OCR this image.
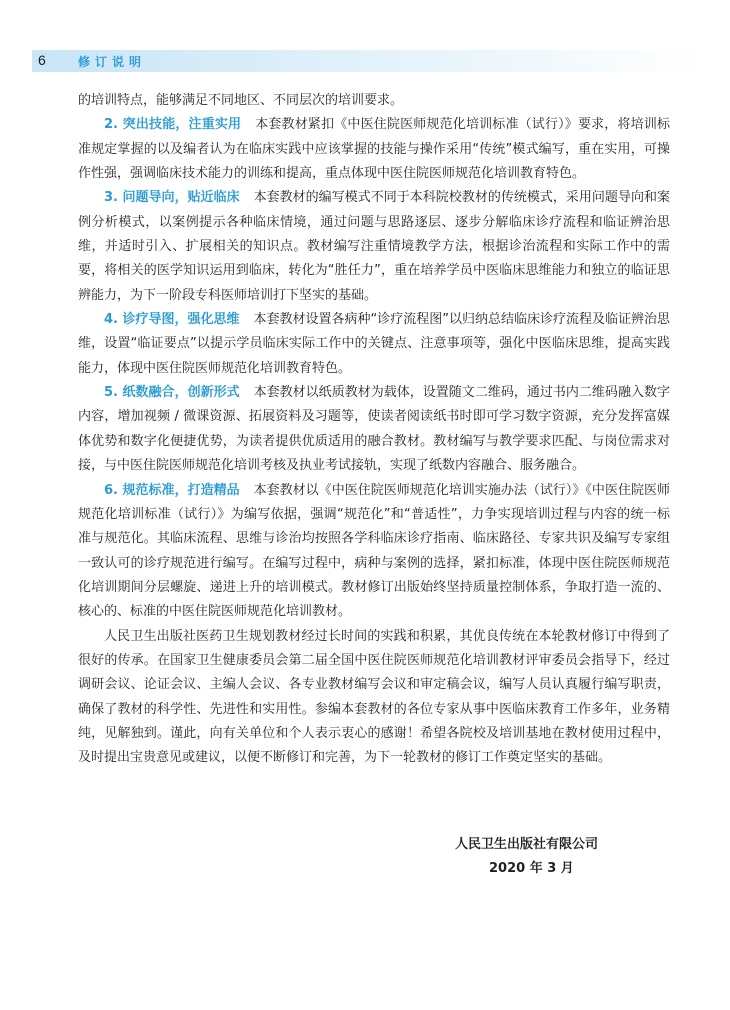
6	修订说明

的培训特点，能够满足不同地区、不同层次的培训要求。

2. 突出技能，注重实用 本套教材紧扣《中医住院医师规范化培训标准（试行）》要求，将培训标准规定掌握的以及编者认为在临床实践中应该掌握的技能与操作采用“传统”模式编写，重在实用，可操作性强，强调临床技术能力的训练和提高，重点体现中医住院医师规范化培训教育特色。

3. 问题导向，贴近临床 本套教材的编写模式不同于本科院校教材的传统模式，采用问题导向和案例分析模式，以案例提示各种临床情境，通过问题与思路逐层、逐步分解临床诊疗流程和临证辨治思维，并适时引入、扩展相关的知识点。教材编写注重情境教学方法，根据诊治流程和实际工作中的需要，将相关的医学知识运用到临床，转化为“胜任力”，重在培养学员中医临床思维能力和独立的临证思辨能力，为下一阶段专科医师培训打下坚实的基础。

4. 诊疗导图，强化思维 本套教材设置各病种“诊疗流程图”以归纳总结临床诊疗流程及临证辨治思维，设置“临证要点”以提示学员临床实际工作中的关键点、注意事项等，强化中医临床思维，提高实践能力，体现中医住院医师规范化培训教育特色。

5. 纸数融合，创新形式 本套教材以纸质教材为载体，设置随文二维码，通过书内二维码融入数字内容，增加视频 / 微课资源、拓展资料及习题等，使读者阅读纸书时即可学习数字资源，充分发挥富媒体优势和数字化便捷优势，为读者提供优质适用的融合教材。教材编写与教学要求匹配、与岗位需求对接，与中医住院医师规范化培训考核及执业考试接轨，实现了纸数内容融合、服务融合。

6. 规范标准，打造精品 本套教材以《中医住院医师规范化培训实施办法（试行）》《中医住院医师规范化培训标准（试行）》为编写依据，强调“规范化”和“普适性”，力争实现培训过程与内容的统一标准与规范化。其临床流程、思维与诊治均按照各学科临床诊疗指南、临床路径、专家共识及编写专家组一致认可的诊疗规范进行编写。在编写过程中，病种与案例的选择，紧扣标准，体现中医住院医师规范化培训期间分层螺旋、递进上升的培训模式。教材修订出版始终坚持质量控制体系，争取打造一流的、核心的、标准的中医住院医师规范化培训教材。

人民卫生出版社医药卫生规划教材经过长时间的实践和积累，其优良传统在本轮教材修订中得到了很好的传承。在国家卫生健康委员会第二届全国中医住院医师规范化培训教材评审委员会指导下，经过调研会议、论证会议、主编人会议、各专业教材编写会议和审定稿会议，编写人员认真履行编写职责，确保了教材的科学性、先进性和实用性。参编本套教材的各位专家从事中医临床教育工作多年，业务精纯，见解独到。谨此，向有关单位和个人表示衷心的感谢！希望各院校及培训基地在教材使用过程中，及时提出宝贵意见或建议，以便不断修订和完善，为下一轮教材的修订工作奠定坚实的基础。

人民卫生出版社有限公司
2020 年 3 月
